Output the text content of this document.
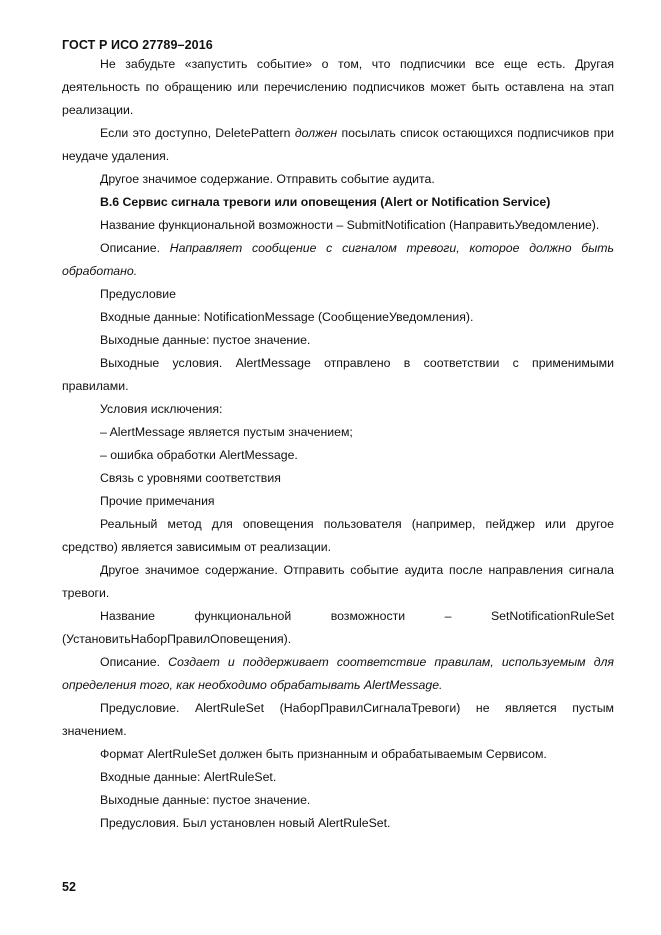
ГОСТ Р ИСО 27789–2016

Не забудьте «запустить событие» о том, что подписчики все еще есть. Другая деятельность по обращению или перечислению подписчиков может быть оставлена на этап реализации.

Если это доступно, DeletePattern должен посылать список остающихся подписчиков при неудаче удаления.

Другое значимое содержание. Отправить событие аудита.

B.6 Сервис сигнала тревоги или оповещения (Alert or Notification Service)

Название функциональной возможности – SubmitNotification (НаправитьУведомление).

Описание. Направляет сообщение с сигналом тревоги, которое должно быть обработано.

Предусловие

Входные данные: NotificationMessage (СообщениеУведомления).

Выходные данные: пустое значение.

Выходные условия. AlertMessage отправлено в соответствии с применимыми правилами.

Условия исключения:

– AlertMessage является пустым значением;

– ошибка обработки AlertMessage.

Связь с уровнями соответствия

Прочие примечания

Реальный метод для оповещения пользователя (например, пейджер или другое средство) является зависимым от реализации.

Другое значимое содержание. Отправить событие аудита после направления сигнала тревоги.

Название функциональной возможности – SetNotificationRuleSet (УстановитьНаборПравилОповещения).

Описание. Создает и поддерживает соответствие правилам, используемым для определения того, как необходимо обрабатывать AlertMessage.

Предусловие. AlertRuleSet (НаборПравилСигналаТревоги) не является пустым значением.

Формат AlertRuleSet должен быть признанным и обрабатываемым Сервисом.

Входные данные: AlertRuleSet.

Выходные данные: пустое значение.

Предусловия. Был установлен новый AlertRuleSet.

52
